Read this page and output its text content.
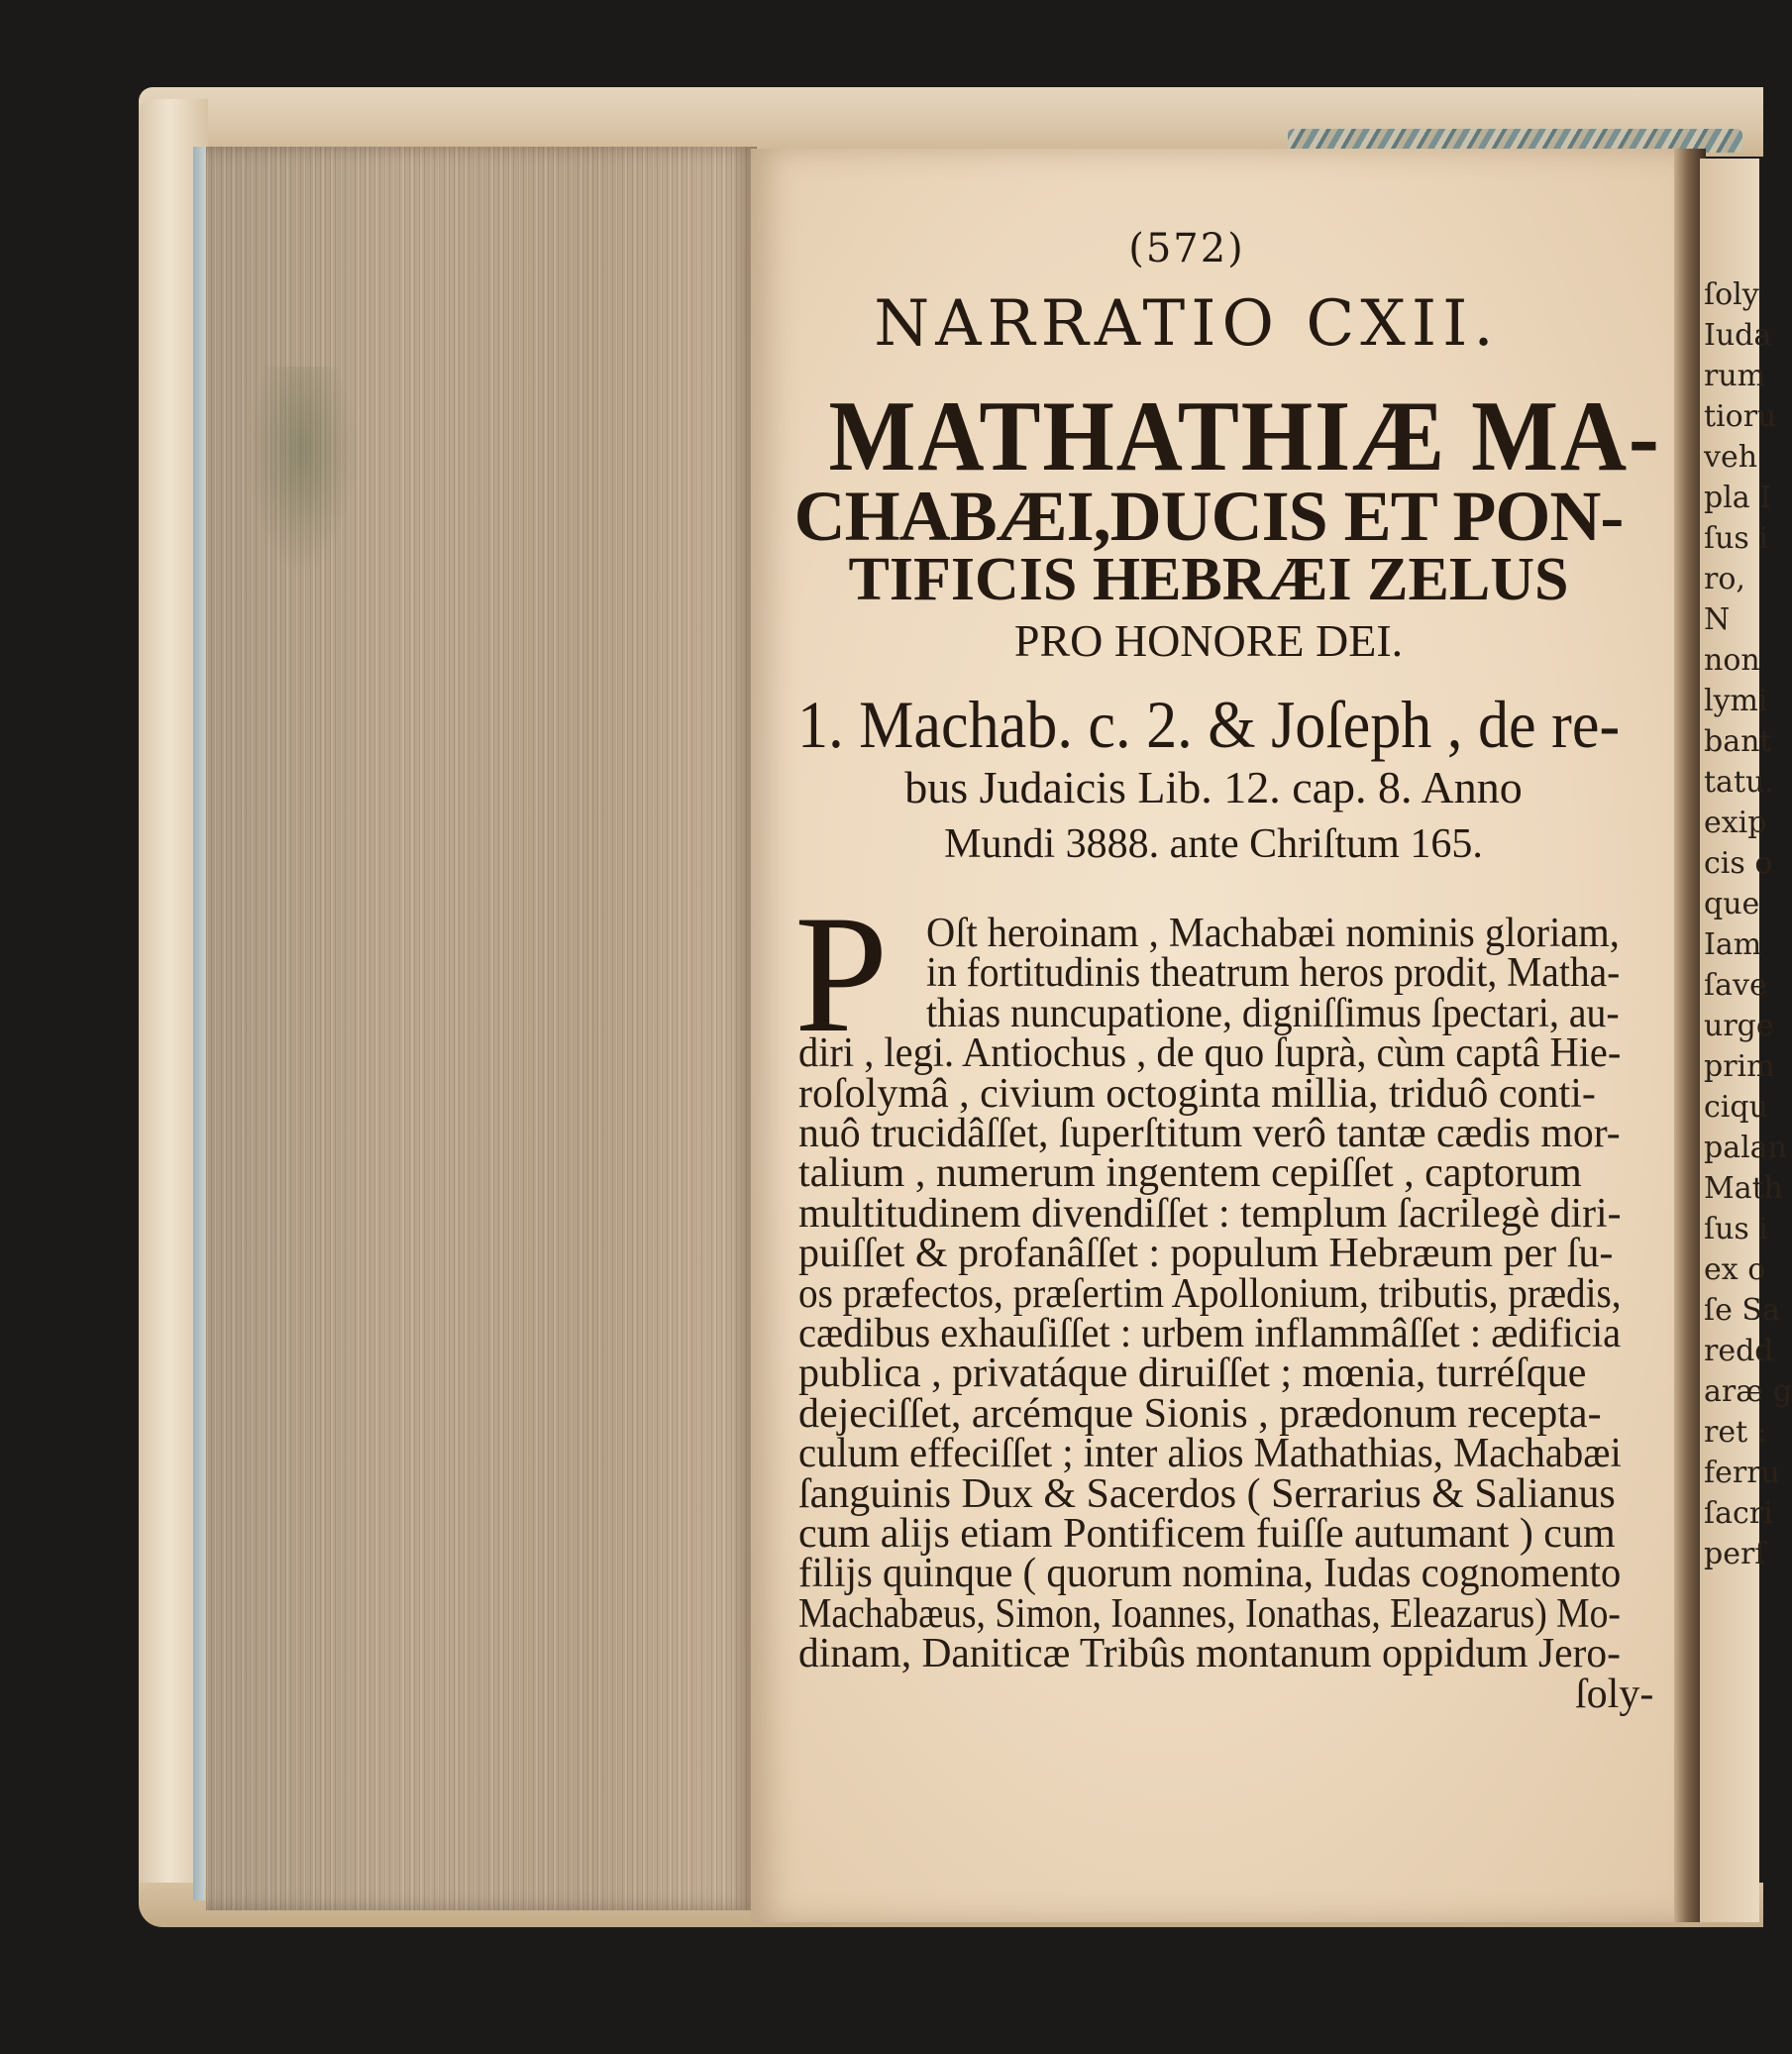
ſoly
Iuda
rum
tioru
veh
pla I
ſus i
ro,
N
non
lymi
bant
tatu.
exip
cis o
que
Iam
ſave
urge
prim
ciqu
palan
Math
ſus i
ex o
ſe Sa
redd
aræ g
ret :
ferru
ſacri
perſ
(572)
NARRATIO CXII.
MATHATHIÆ MA-
CHABÆI,DUCIS ET PON-
TIFICIS HEBRÆI ZELUS
PRO HONORE DEI.
1. Machab. c. 2. & Joſeph , de re-
bus Judaicis Lib. 12. cap. 8. Anno
Mundi 3888. ante Chriſtum 165.
P Oſt heroinam , Machabæi nominis gloriam,
in fortitudinis theatrum heros prodit, Matha-
thias nuncupatione, digniſſimus ſpectari, au-
diri , legi. Antiochus , de quo ſuprà, cùm captâ Hie-
roſolymâ , civium octoginta millia, triduô conti-
nuô trucidâſſet, ſuperſtitum verô tantæ cædis mor-
talium , numerum ingentem cepiſſet , captorum
multitudinem divendiſſet : templum ſacrilegè diri-
puiſſet & profanâſſet : populum Hebræum per ſu-
os præfectos, præſertim Apollonium, tributis, prædis,
cædibus exhauſiſſet : urbem inflammâſſet : ædificia
publica , privatáque diruiſſet ; mœnia, turréſque
dejeciſſet, arcémque Sionis , prædonum recepta-
culum effeciſſet ; inter alios Mathathias, Machabæi
ſanguinis Dux & Sacerdos ( Serrarius & Salianus
cum alijs etiam Pontificem fuiſſe autumant ) cum
filijs quinque ( quorum nomina, Iudas cognomento
Machabæus, Simon, Ioannes, Ionathas, Eleazarus) Mo-
dinam, Daniticæ Tribûs montanum oppidum Jero-
ſoly-
